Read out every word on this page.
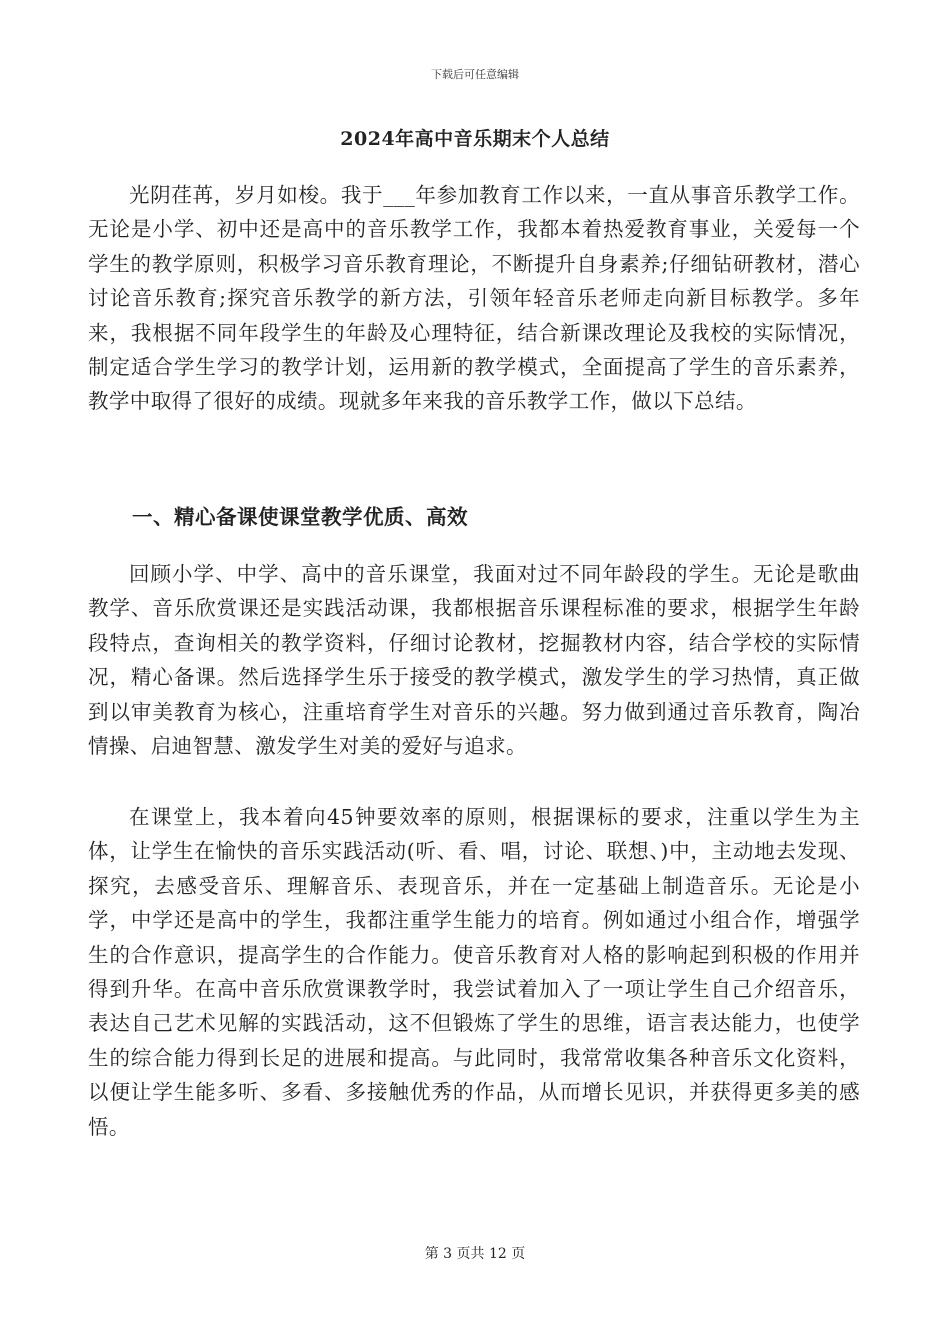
下载后可任意编辑
2024年高中音乐期末个人总结

光阴荏苒，岁月如梭。我于___年参加教育工作以来，一直从事音乐教学工作。无论是小学、初中还是高中的音乐教学工作，我都本着热爱教育事业，关爱每一个学生的教学原则，积极学习音乐教育理论，不断提升自身素养;仔细钻研教材，潜心讨论音乐教育;探究音乐教学的新方法，引领年轻音乐老师走向新目标教学。多年来，我根据不同年段学生的年龄及心理特征，结合新课改理论及我校的实际情况，制定适合学生学习的教学计划，运用新的教学模式，全面提高了学生的音乐素养，教学中取得了很好的成绩。现就多年来我的音乐教学工作，做以下总结。

一、精心备课使课堂教学优质、高效

回顾小学、中学、高中的音乐课堂，我面对过不同年龄段的学生。无论是歌曲教学、音乐欣赏课还是实践活动课，我都根据音乐课程标准的要求，根据学生年龄段特点，查询相关的教学资料，仔细讨论教材，挖掘教材内容，结合学校的实际情况，精心备课。然后选择学生乐于接受的教学模式，激发学生的学习热情，真正做到以审美教育为核心，注重培育学生对音乐的兴趣。努力做到通过音乐教育，陶冶情操、启迪智慧、激发学生对美的爱好与追求。

在课堂上，我本着向45钟要效率的原则，根据课标的要求，注重以学生为主体，让学生在愉快的音乐实践活动(听、看、唱，讨论、联想、)中，主动地去发现、探究，去感受音乐、理解音乐、表现音乐，并在一定基础上制造音乐。无论是小学，中学还是高中的学生，我都注重学生能力的培育。例如通过小组合作，增强学生的合作意识，提高学生的合作能力。使音乐教育对人格的影响起到积极的作用并得到升华。在高中音乐欣赏课教学时，我尝试着加入了一项让学生自己介绍音乐，表达自己艺术见解的实践活动，这不但锻炼了学生的思维，语言表达能力，也使学生的综合能力得到长足的进展和提高。与此同时，我常常收集各种音乐文化资料，以便让学生能多听、多看、多接触优秀的作品，从而增长见识，并获得更多美的感悟。

第 3 页共 12 页
